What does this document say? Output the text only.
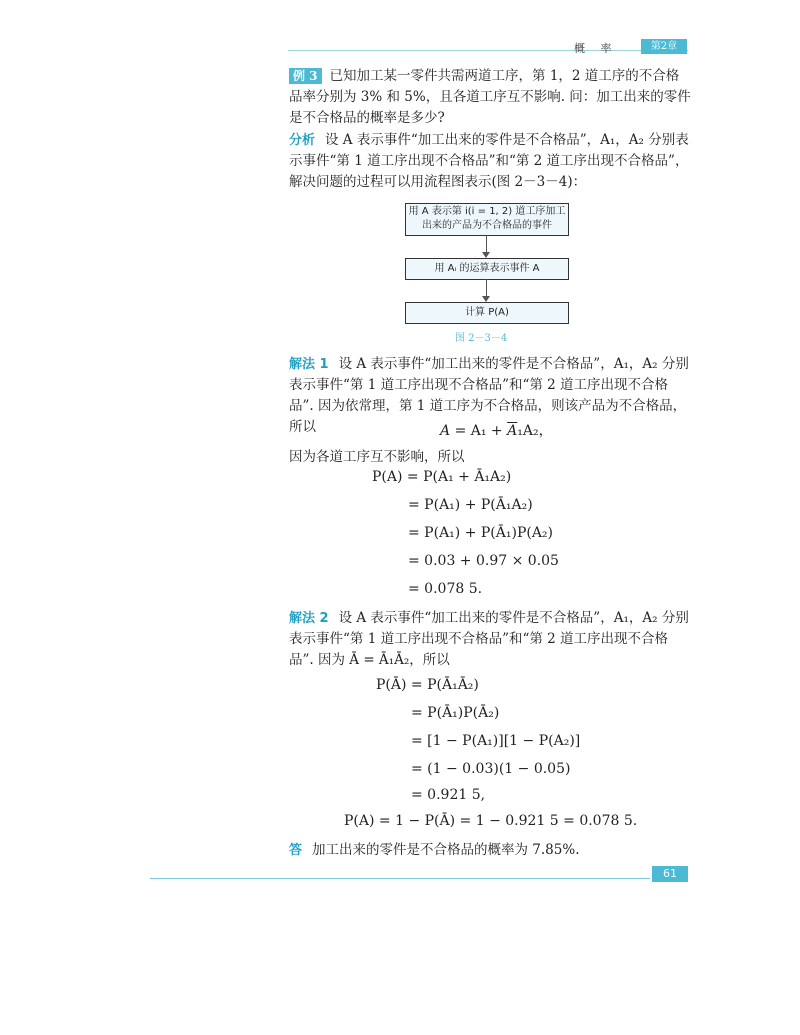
概 率	第2章
例 3 已知加工某一零件共需两道工序，第 1，2 道工序的不合格品率分别为 3% 和 5%，且各道工序互不影响. 问：加工出来的零件是不合格品的概率是多少?
分析 设 A 表示事件“加工出来的零件是不合格品”，A₁，A₂ 分别表示事件“第 1 道工序出现不合格品”和“第 2 道工序出现不合格品”，解决问题的过程可以用流程图表示(图 2－3－4)：
用 A 表示第 i(i = 1, 2) 道工序加工
出来的产品为不合格品的事件
用 Aᵢ 的运算表示事件 A
计算 P(A)
图 2－3－4
解法 1 设 A 表示事件“加工出来的零件是不合格品”，A₁，A₂ 分别表示事件“第 1 道工序出现不合格品”和“第 2 道工序出现不合格品”. 因为依常理，第 1 道工序为不合格品，则该产品为不合格品，所以	$A = A_1 + \overline{A}_1A_2$，
因为各道工序互不影响，所以
P(A) = P(A₁ + Ā₁A₂)
= P(A₁) + P(Ā₁A₂)
= P(A₁) + P(Ā₁)P(A₂)
= 0.03 + 0.97 × 0.05
= 0.078 5.
解法 2 设 A 表示事件“加工出来的零件是不合格品”，A₁，A₂ 分别表示事件“第 1 道工序出现不合格品”和“第 2 道工序出现不合格品”. 因为 Ā = Ā₁Ā₂，所以
P(Ā) = P(Ā₁Ā₂)
= P(Ā₁)P(Ā₂)
= [1 − P(A₁)][1 − P(A₂)]
= (1 − 0.03)(1 − 0.05)
= 0.921 5,
P(A) = 1 − P(Ā) = 1 − 0.921 5 = 0.078 5.
答 加工出来的零件是不合格品的概率为 7.85%.
61
